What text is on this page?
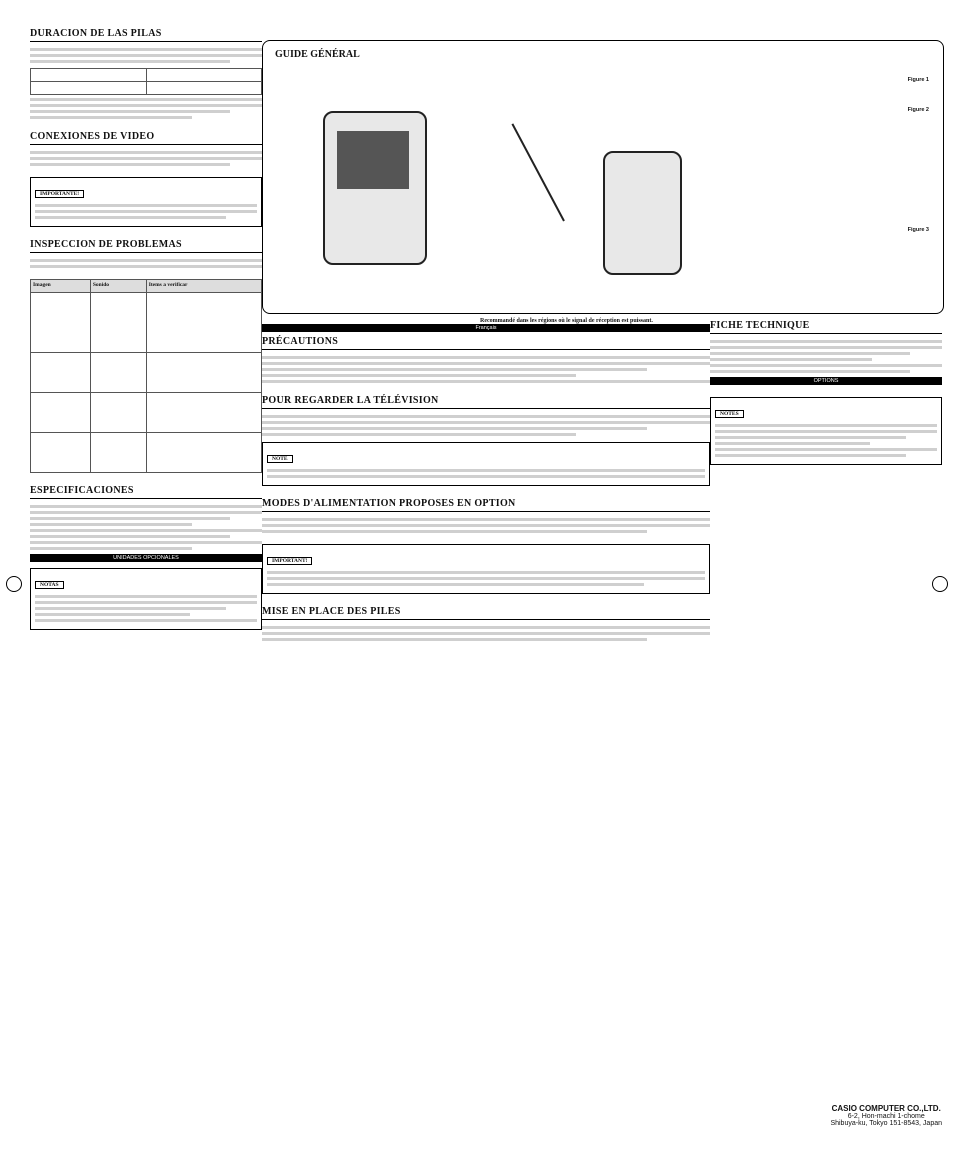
DURACION DE LAS PILAS

CONEXIONES DE VIDEO
IMPORTANTE!
INSPECCION DE PROBLEMAS
Imagen	Sonido	Items a verificar

ESPECIFICACIONES
UNIDADES OPCIONALES
NOTAS
GUIDE GÉNÉRAL
Figure 1
Figure 2
Figure 3
Recommandé dans les régions où le signal de réception est puissant.
Français
PRÉCAUTIONS
POUR REGARDER LA TÉLÉVISION
NOTE
MODES D'ALIMENTATION PROPOSES EN OPTION
IMPORTANT!
MISE EN PLACE DES PILES
FICHE TECHNIQUE
OPTIONS
NOTES
CASIO COMPUTER CO.,LTD.
6-2, Hon-machi 1-chome
Shibuya-ku, Tokyo 151-8543, Japan
